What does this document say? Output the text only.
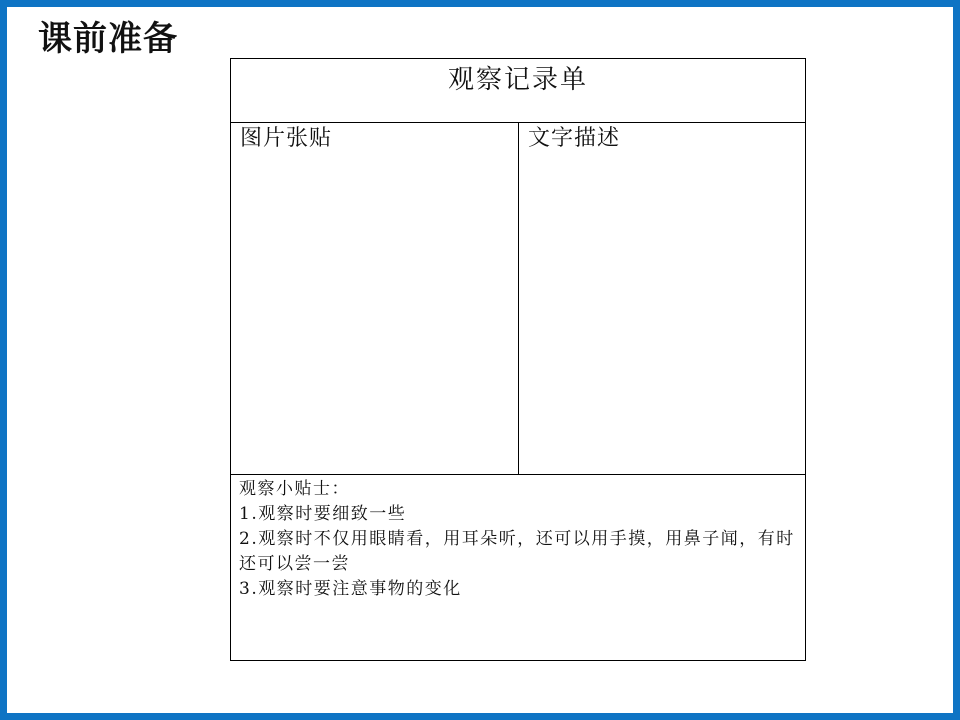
课前准备
观察记录单
图片张贴	文字描述
观察小贴士：
1.观察时要细致一些
2.观察时不仅用眼睛看，用耳朵听，还可以用手摸，用鼻子闻，有时还可以尝一尝
3.观察时要注意事物的变化
